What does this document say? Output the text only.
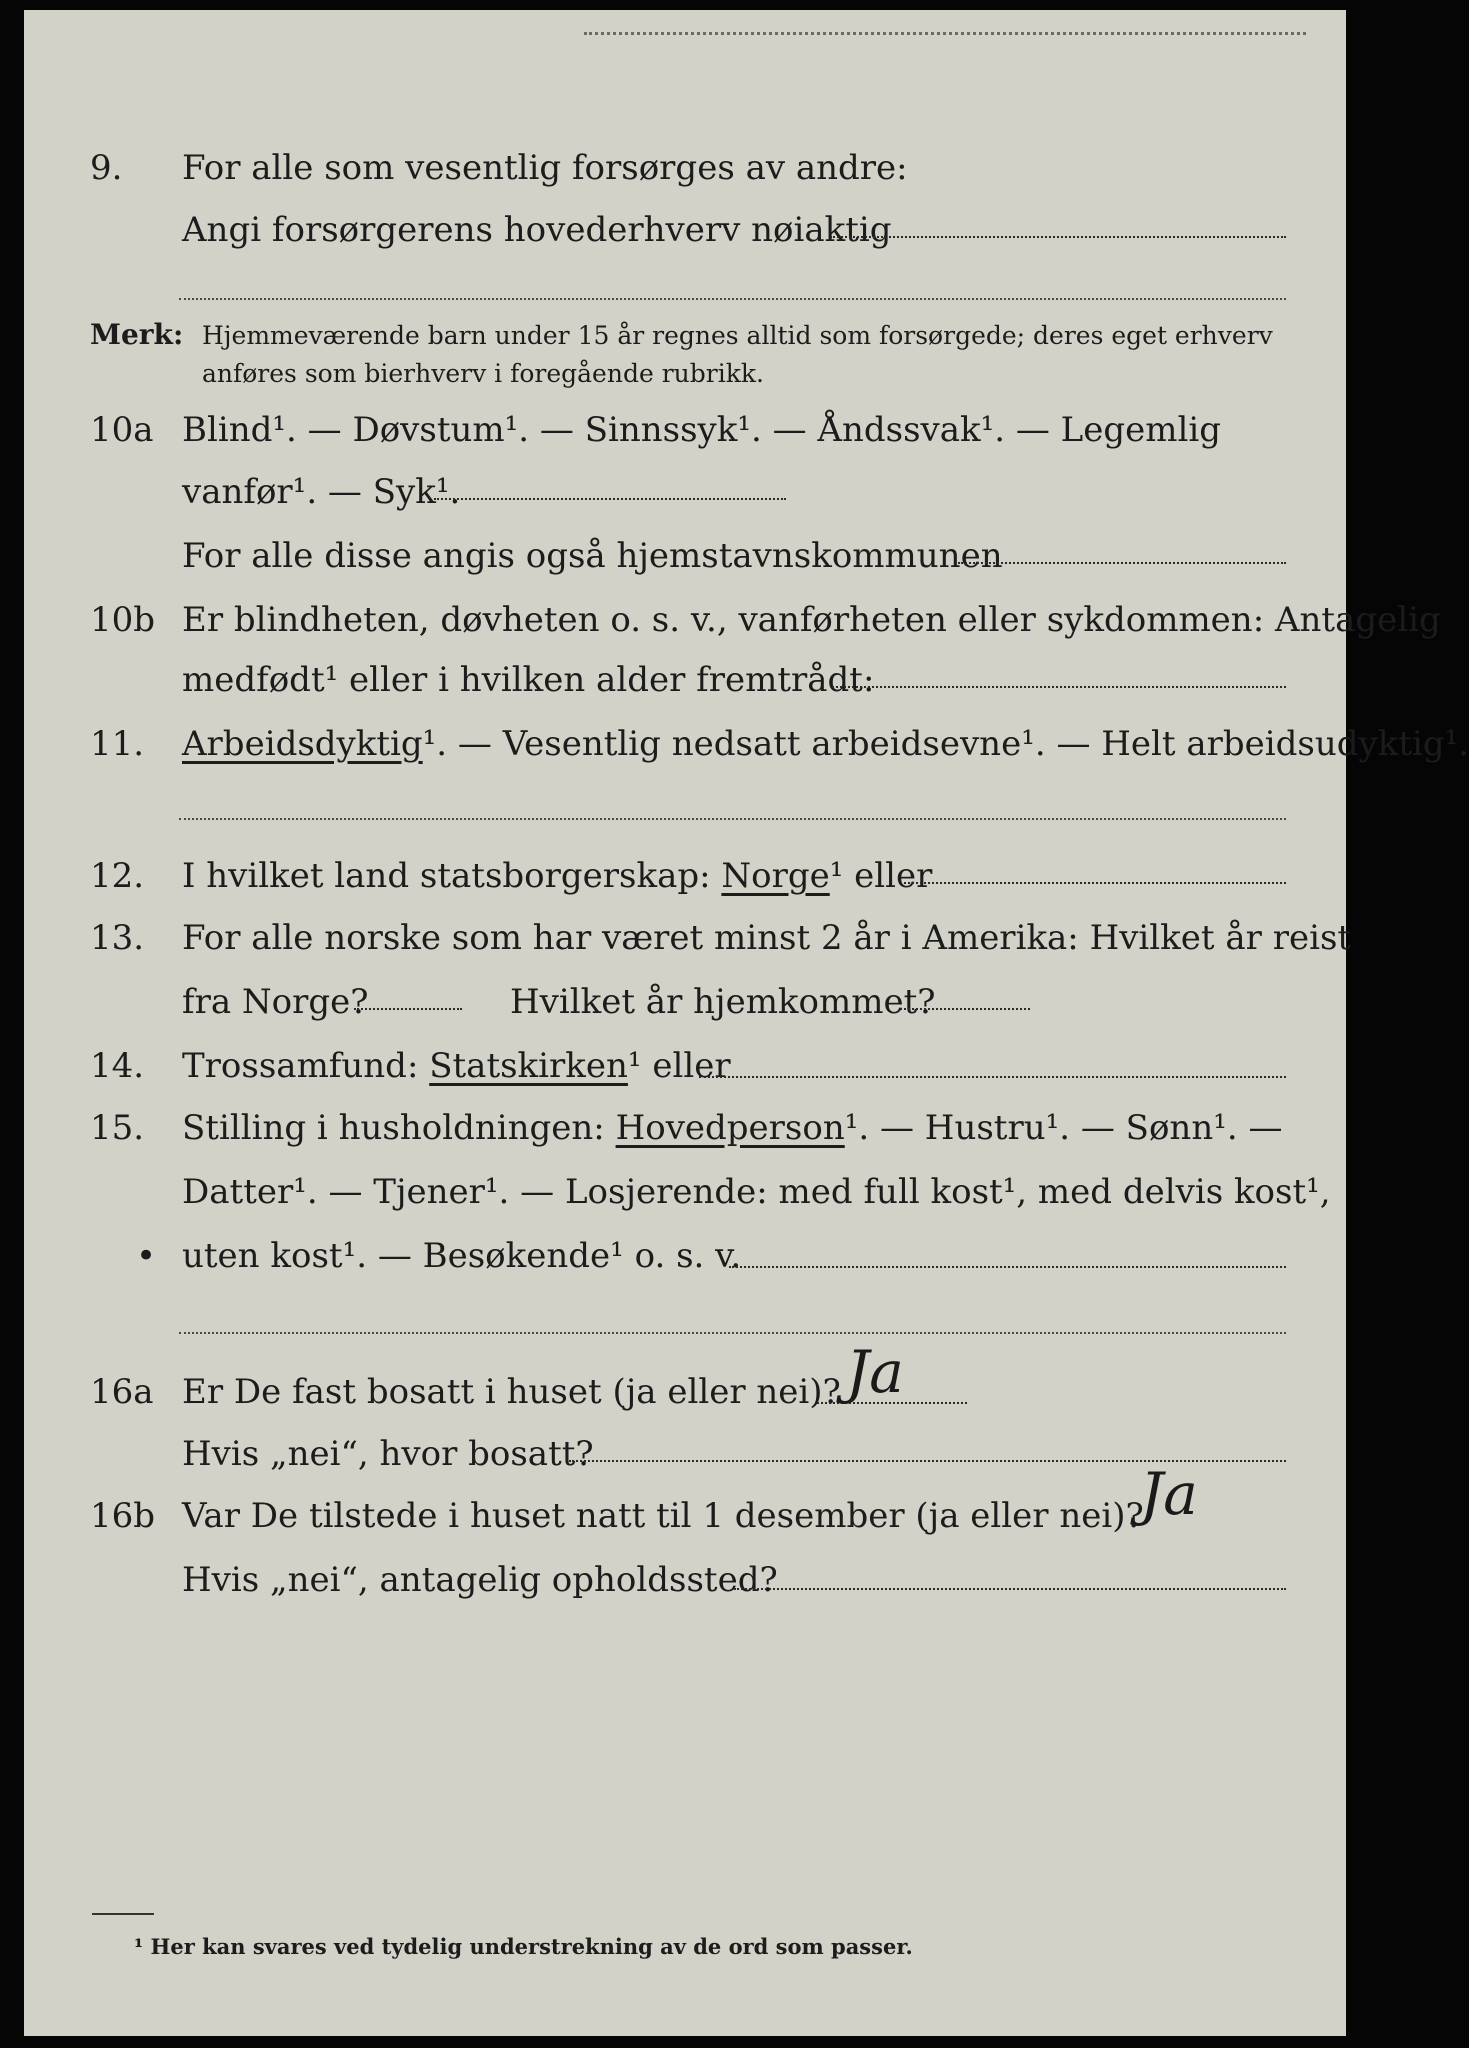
9. For alle som vesentlig forsørges av andre:
Angi forsørgerens hovederhverv nøiaktig
Merk: Hjemmeværende barn under 15 år regnes alltid som forsørgede; deres eget erhverv
anføres som bierhverv i foregående rubrikk.
10a Blind¹. — Døvstum¹. — Sinnssyk¹. — Åndssvak¹. — Legemlig
vanfør¹. — Syk¹.
For alle disse angis også hjemstavnskommunen
10b Er blindheten, døvheten o. s. v., vanførheten eller sykdommen: Antagelig
medfødt¹ eller i hvilken alder fremtrådt:
11. Arbeidsdyktig¹. — Vesentlig nedsatt arbeidsevne¹. — Helt arbeidsudyktig¹.
12. I hvilket land statsborgerskap: Norge¹ eller
13. For alle norske som har været minst 2 år i Amerika: Hvilket år reist
fra Norge?	Hvilket år hjemkommet?
14. Trossamfund: Statskirken¹ eller
15. Stilling i husholdningen: Hovedperson¹. — Hustru¹. — Sønn¹. —
Datter¹. — Tjener¹. — Losjerende: med full kost¹, med delvis kost¹,
• uten kost¹. — Besøkende¹ o. s. v.
16a Er De fast bosatt i huset (ja eller nei)? Ja
Hvis „nei“, hvor bosatt?
16b Var De tilstede i huset natt til 1 desember (ja eller nei)?
Ja
Hvis „nei“, antagelig opholdssted?
¹ Her kan svares ved tydelig understrekning av de ord som passer.
